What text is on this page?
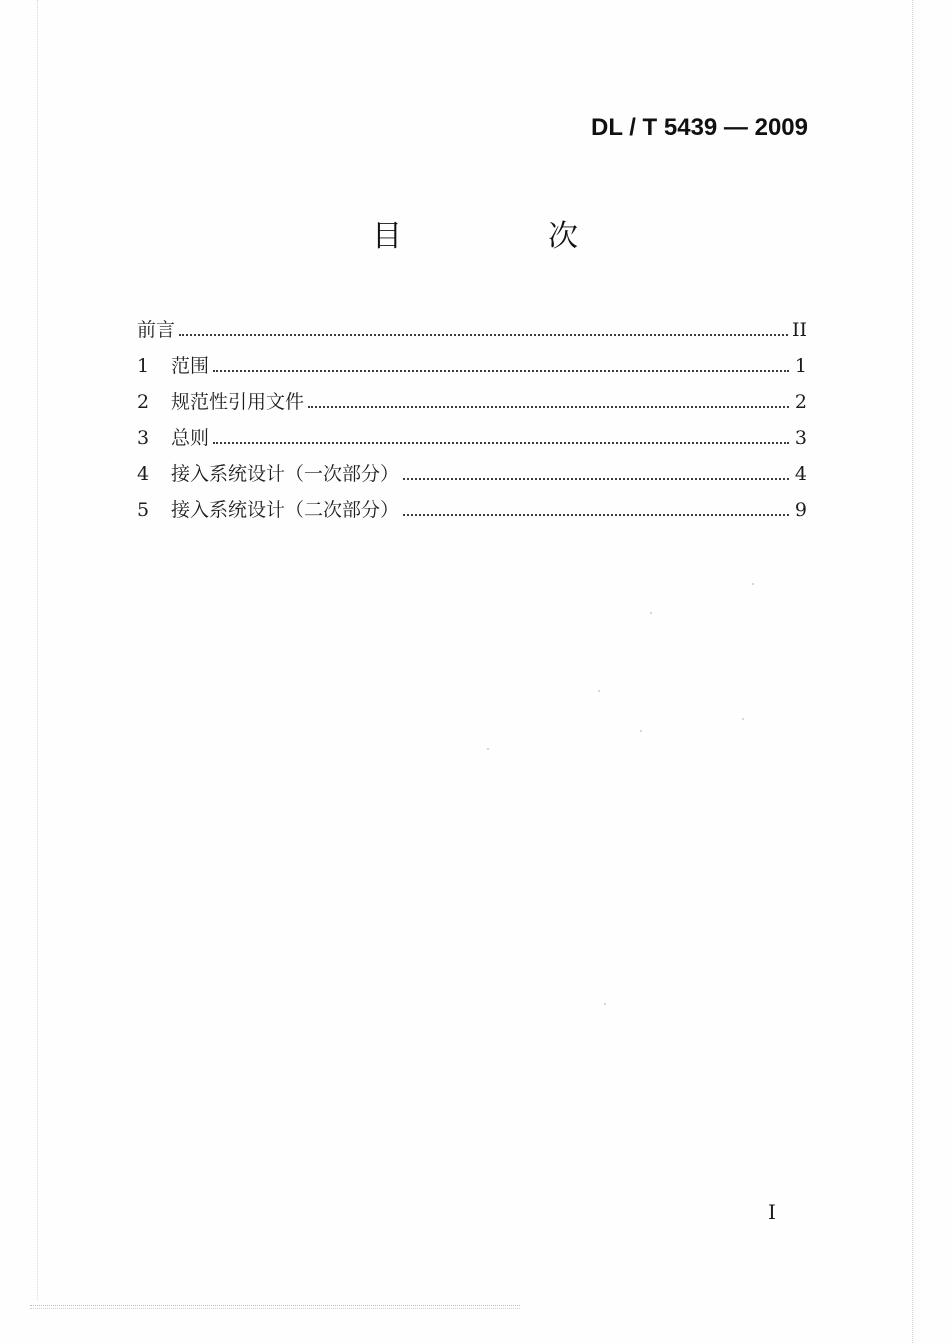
DL / T 5439 — 2009
目　次
前言	II
1	范围	1
2	规范性引用文件	2
3	总则	3
4	接入系统设计（一次部分）	4
5	接入系统设计（二次部分）	9
I
